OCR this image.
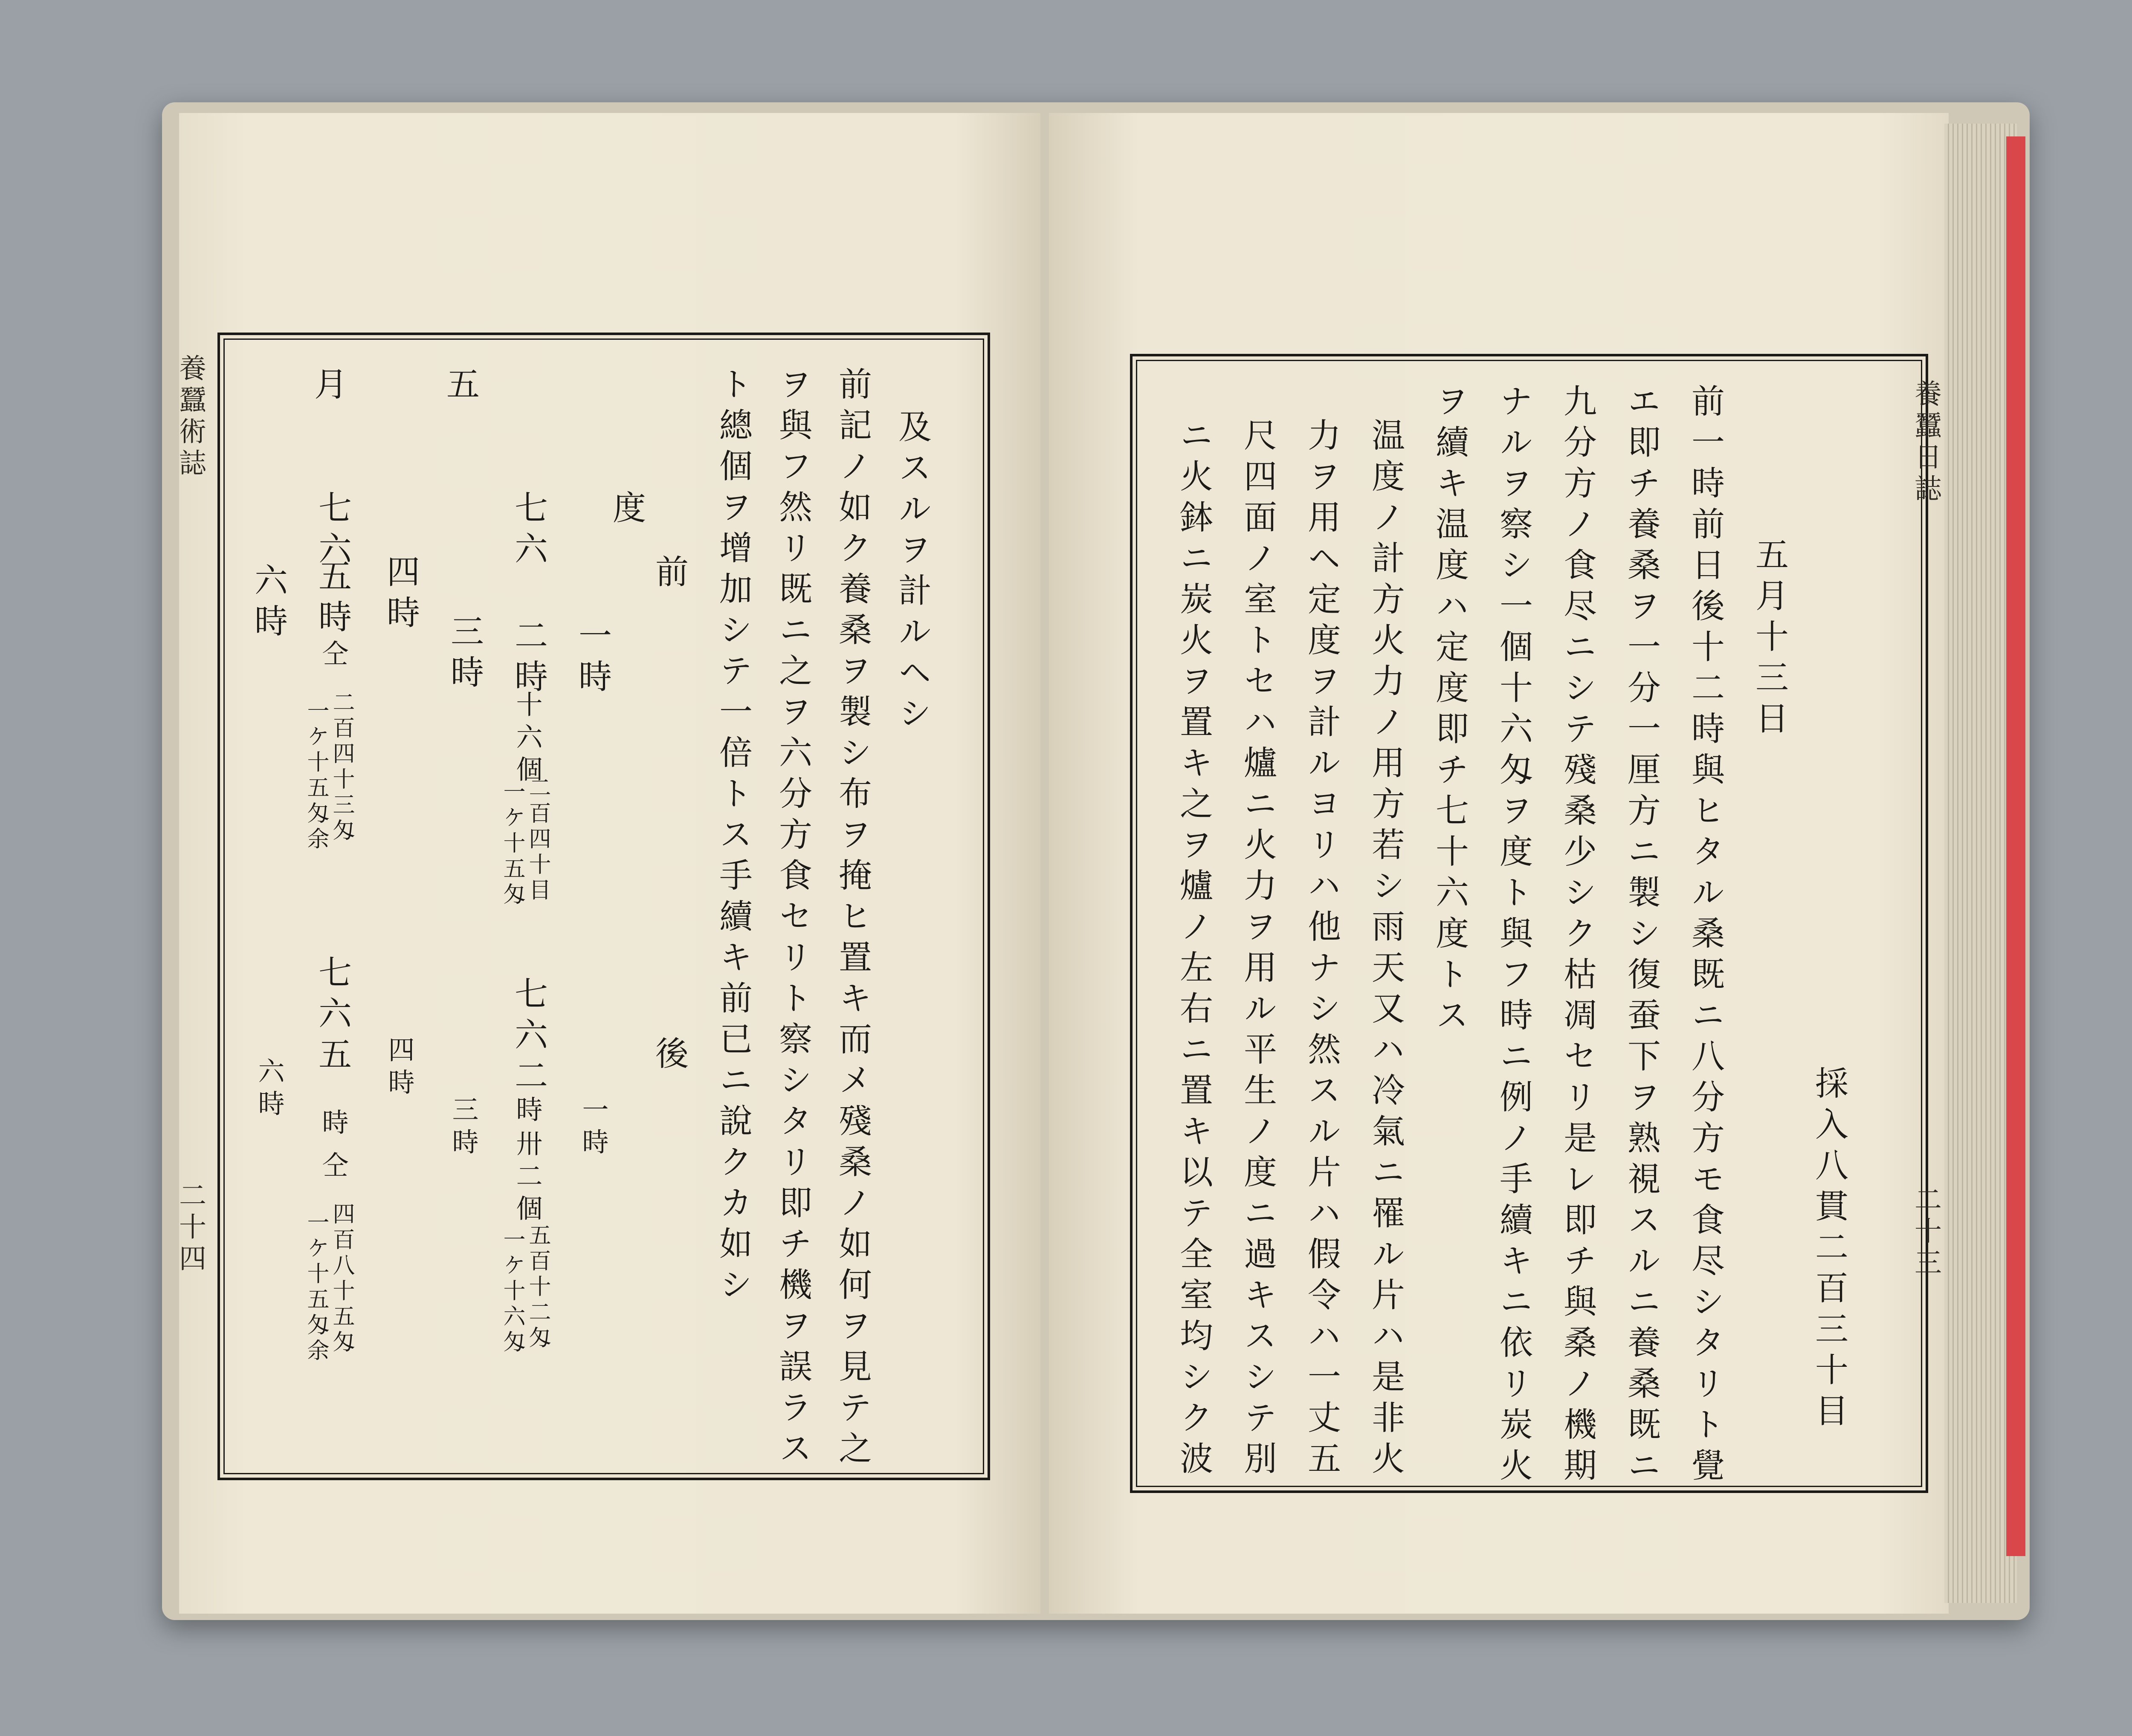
養蠶術誌
二十四
及スルヲ計ルヘシ
前記ノ如ク養桑ヲ製シ布ヲ掩ヒ置キ而メ殘桑ノ如何ヲ見テ之
ヲ與フ然リ既ニ之ヲ六分方食セリト察シタリ即チ機ヲ誤ラス
ト總個ヲ增加シテ一倍トス手續キ前已ニ說クカ如シ
度
前
後
五
月
一時
一時
七六
二時
十六個
二百四十目
一ケ十五匁
七六二
時
卅二個
五百十二匁
一ケ十六匁
三時
三時
四時
四時
七六
五時
仝
二百四十三匁
一ケ十五匁余
七六五
時
仝
四百八十五匁
一ケ十五匁余
六時
六時
養蠶日誌
二十三
採入八貫二百三十目
五月十三日
前一時前日後十二時與ヒタル桑既ニ八分方モ食尽シタリト覺
エ即チ養桑ヲ一分一厘方ニ製シ復蚕下ヲ熟視スルニ養桑既ニ
九分方ノ食尽ニシテ殘桑少シク枯凋セリ是レ即チ與桑ノ機期
ナルヲ察シ一個十六匁ヲ度ト與フ時ニ例ノ手續キニ依リ炭火
ヲ續キ温度ハ定度即チ七十六度トス
温度ノ計方火力ノ用方若シ雨天又ハ冷氣ニ罹ル片ハ是非火
力ヲ用ヘ定度ヲ計ルヨリハ他ナシ然スル片ハ假令ハ一丈五
尺四面ノ室トセハ爐ニ火力ヲ用ル平生ノ度ニ過キスシテ別
ニ火鉢ニ炭火ヲ置キ之ヲ爐ノ左右ニ置キ以テ全室均シク波
